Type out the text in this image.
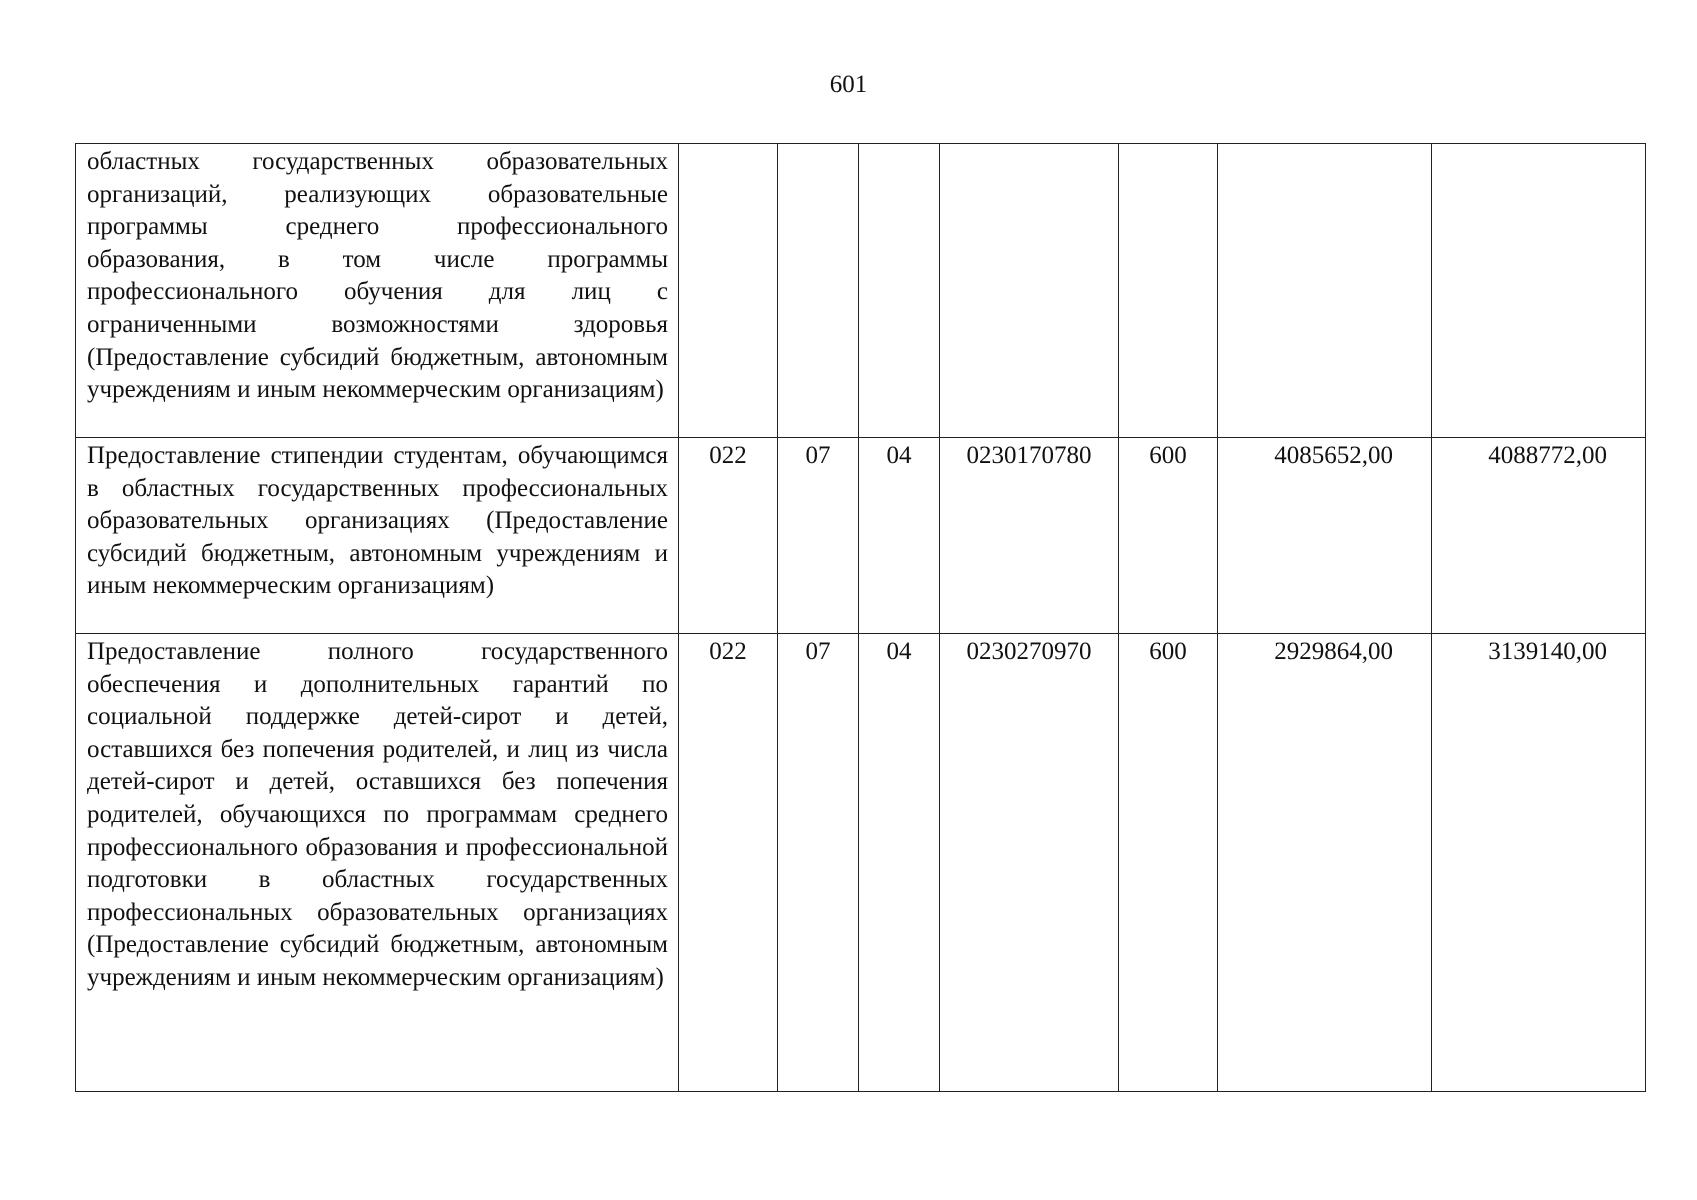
601
областных государственных образовательных организаций, реализующих образовательные программы среднего профессионального образования, в том числе программы профессионального обучения для лиц с ограниченными возможностями здоровья (Предоставление субсидий бюджетным, автономным учреждениям и иным некоммерческим организациям)							
Предоставление стипендии студентам, обучающимся в областных государственных профессиональных образовательных организациях (Предоставление субсидий бюджетным, автономным учреждениям и иным некоммерческим организациям)	022	07	04	0230170780	600	4085652,00	4088772,00
Предоставление полного государственного обеспечения и дополнительных гарантий по социальной поддержке детей-сирот и детей, оставшихся без попечения родителей, и лиц из числа детей-сирот и детей, оставшихся без попечения родителей, обучающихся по программам среднего профессионального образования и профессиональной подготовки в областных государственных профессиональных образовательных организациях (Предоставление субсидий бюджетным, автономным учреждениям и иным некоммерческим организациям)	022	07	04	0230270970	600	2929864,00	3139140,00
